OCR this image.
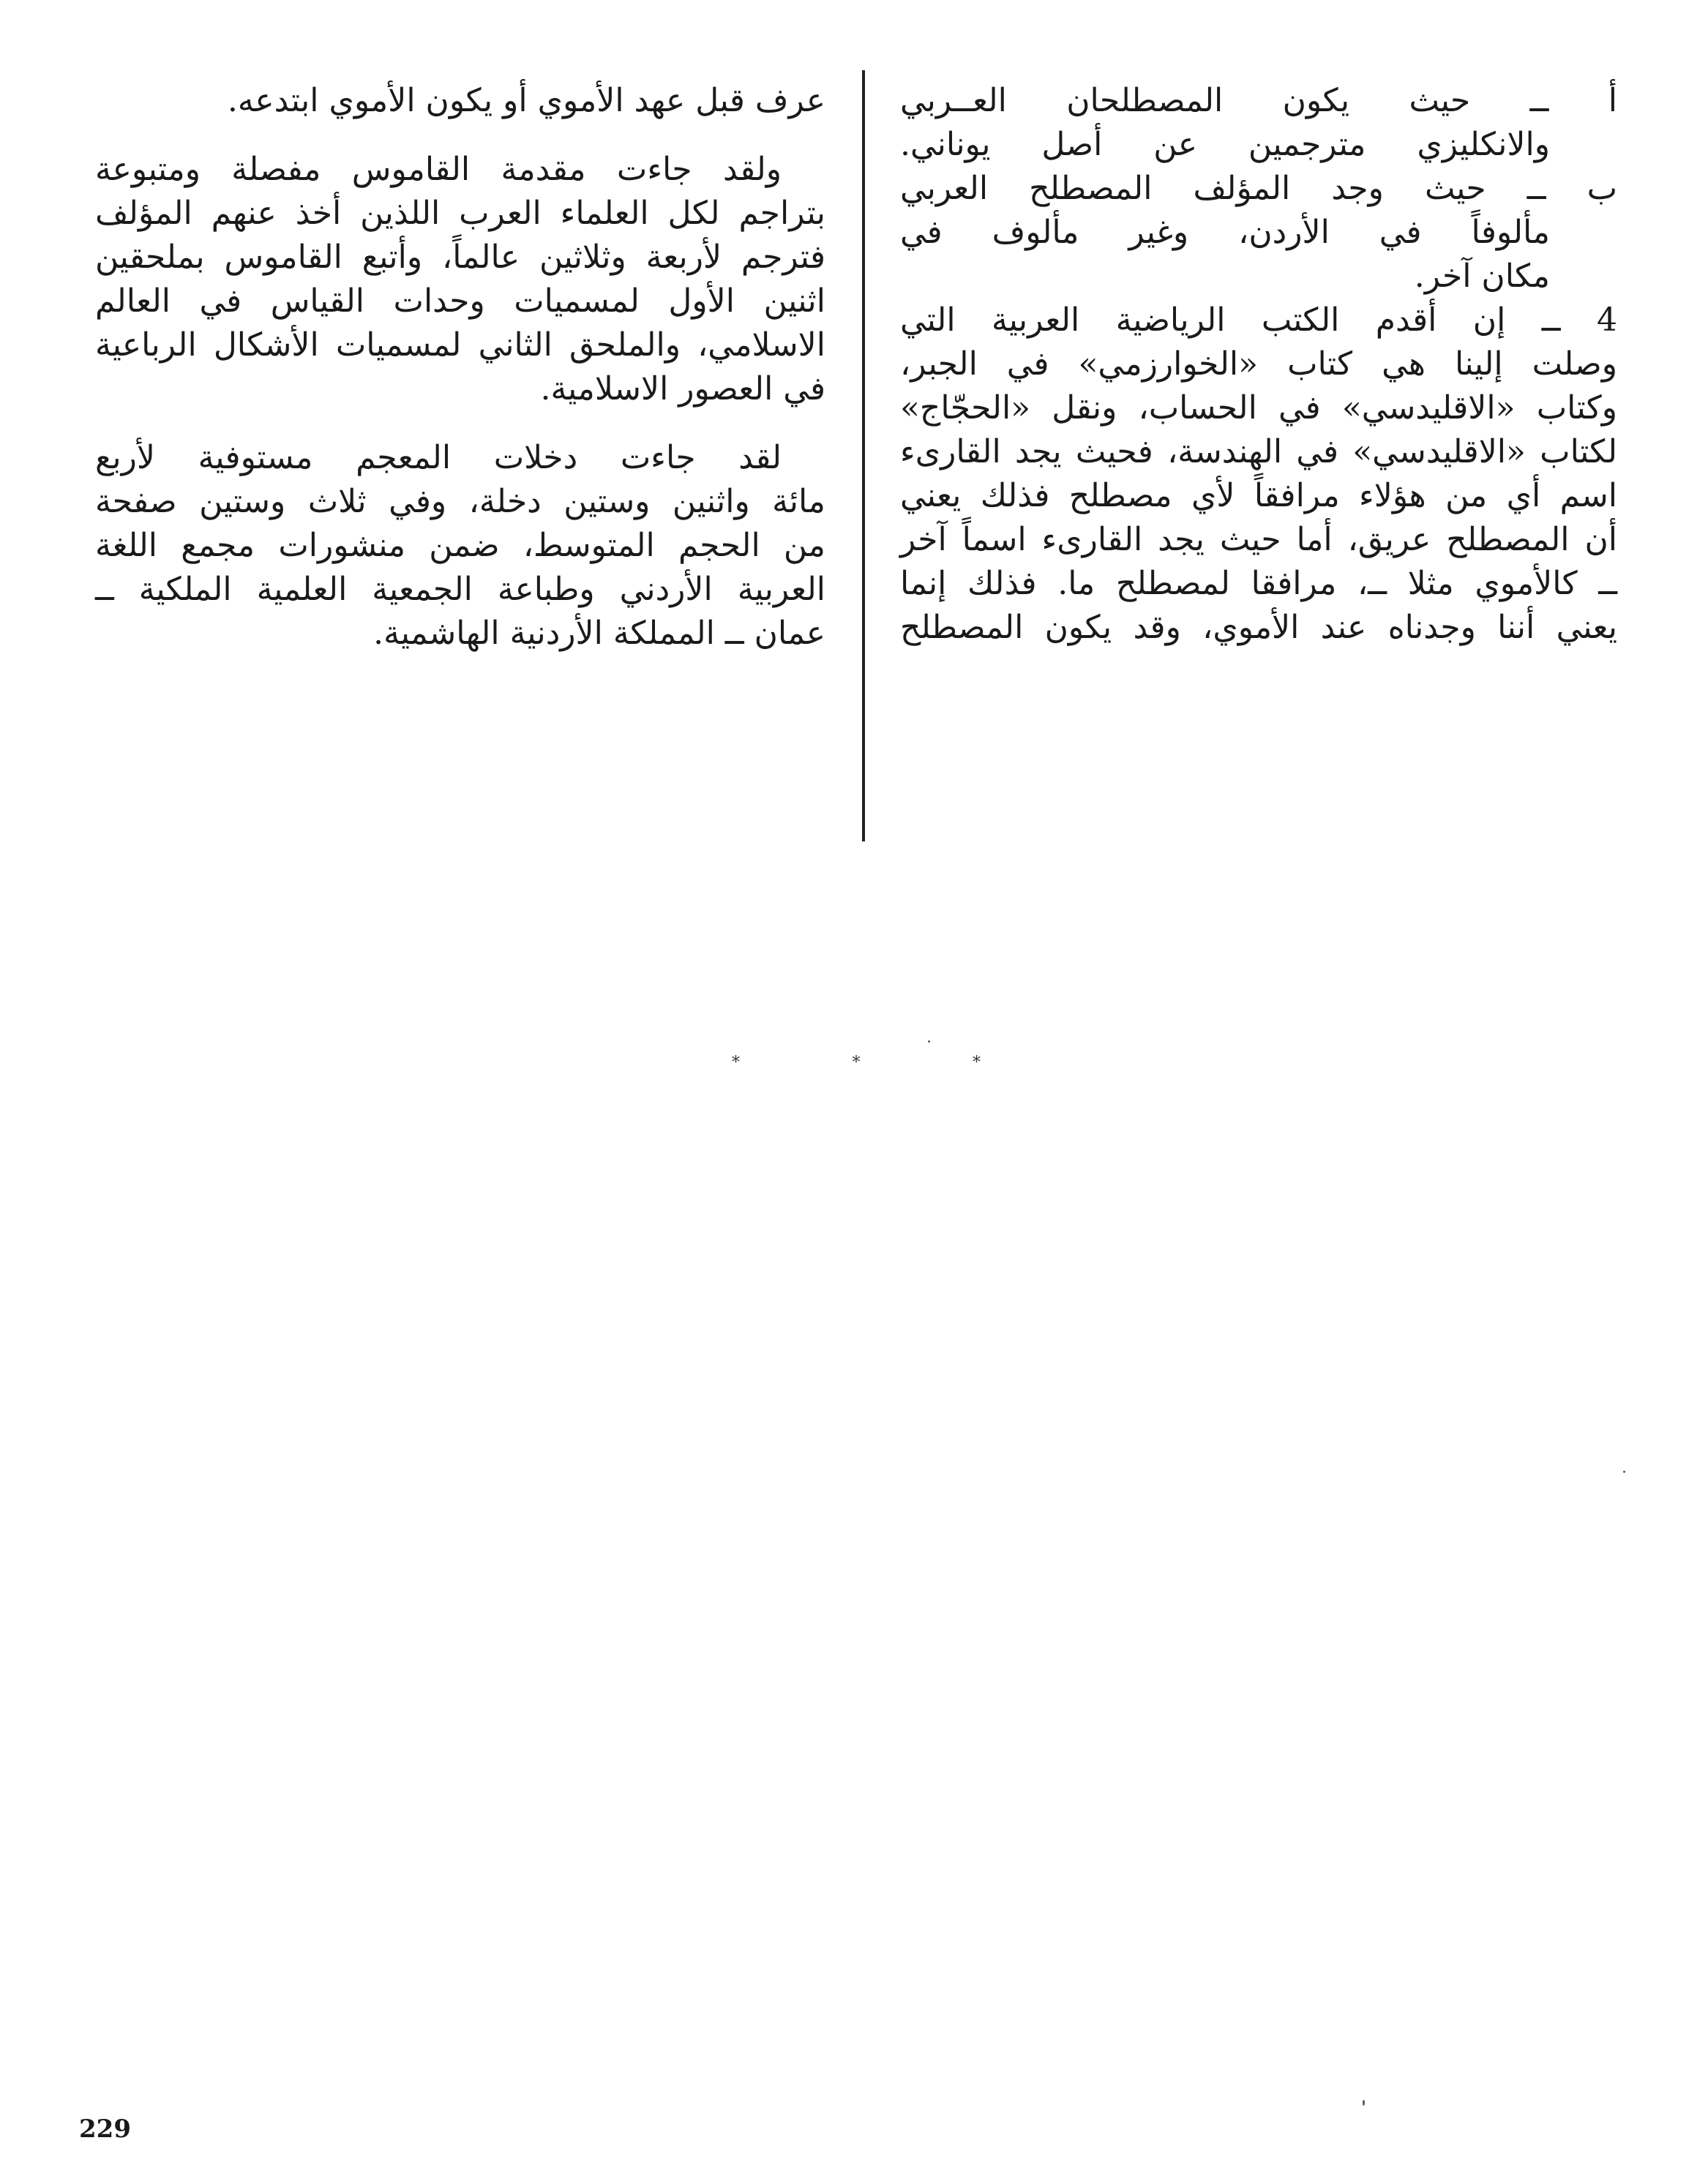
أ ــ حيث يكون المصطلحان العــربي
والانكليزي مترجمين عن أصل يوناني.
ب ــ حيث وجد المؤلف المصطلح العربي
مألوفاً في الأردن، وغير مألوف في
مكان آخر.
4 ــ إن أقدم الكتب الرياضية العربية التي
وصلت إلينا هي كتاب «الخوارزمي» في الجبر،
وكتاب «الاقليدسي» في الحساب، ونقل «الحجّاج»
لكتاب «الاقليدسي» في الهندسة، فحيث يجد القارىء
اسم أي من هؤلاء مرافقاً لأي مصطلح فذلك يعني
أن المصطلح عريق، أما حيث يجد القارىء اسماً آخر
ــ كالأموي مثلا ــ، مرافقا لمصطلح ما. فذلك إنما
يعني أننا وجدناه عند الأموي، وقد يكون المصطلح
عرف قبل عهد الأموي أو يكون الأموي ابتدعه.
ولقد جاءت مقدمة القاموس مفصلة ومتبوعة
بتراجم لكل العلماء العرب اللذين أخذ عنهم المؤلف
فترجم لأربعة وثلاثين عالماً، وأتبع القاموس بملحقين
اثنين الأول لمسميات وحدات القياس في العالم
الاسلامي، والملحق الثاني لمسميات الأشكال الرباعية
في العصور الاسلامية.
لقد جاءت دخلات المعجم مستوفية لأربع
مائة واثنين وستين دخلة، وفي ثلاث وستين صفحة
من الحجم المتوسط، ضمن منشورات مجمع اللغة
العربية الأردني وطباعة الجمعية العلمية الملكية ــ
عمان ــ المملكة الأردنية الهاشمية.
*	*	*
229
